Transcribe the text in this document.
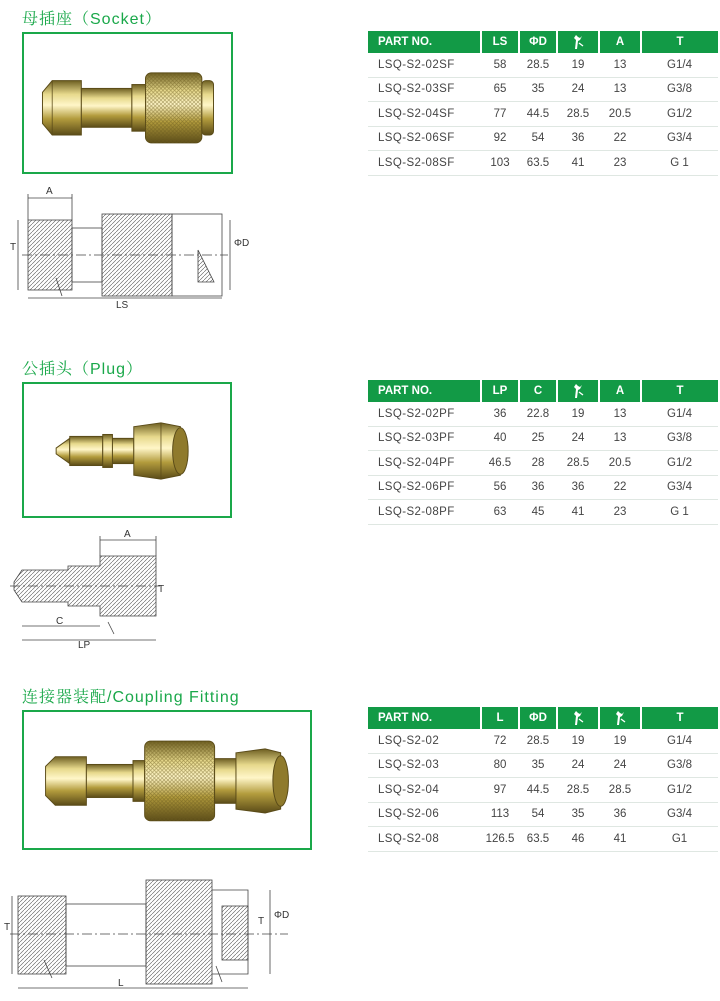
母插座（Socket）
A
T	ΦD
LS
PART NO.	LS	ΦD		A	T
LSQ-S2-02SF	58	28.5	19	13	G1/4
LSQ-S2-03SF	65	35	24	13	G3/8
LSQ-S2-04SF	77	44.5	28.5	20.5	G1/2
LSQ-S2-06SF	92	54	36	22	G3/4
LSQ-S2-08SF	103	63.5	41	23	G 1
公插头（Plug）
A
T
C
LP
PART NO.	LP	C		A	T
LSQ-S2-02PF	36	22.8	19	13	G1/4
LSQ-S2-03PF	40	25	24	13	G3/8
LSQ-S2-04PF	46.5	28	28.5	20.5	G1/2
LSQ-S2-06PF	56	36	36	22	G3/4
LSQ-S2-08PF	63	45	41	23	G 1
连接器装配/Coupling Fitting
T
T
ΦD
L
PART NO.	L	ΦD			T
LSQ-S2-02	72	28.5	19	19	G1/4
LSQ-S2-03	80	35	24	24	G3/8
LSQ-S2-04	97	44.5	28.5	28.5	G1/2
LSQ-S2-06	113	54	35	36	G3/4
LSQ-S2-08	126.5	63.5	46	41	G1
